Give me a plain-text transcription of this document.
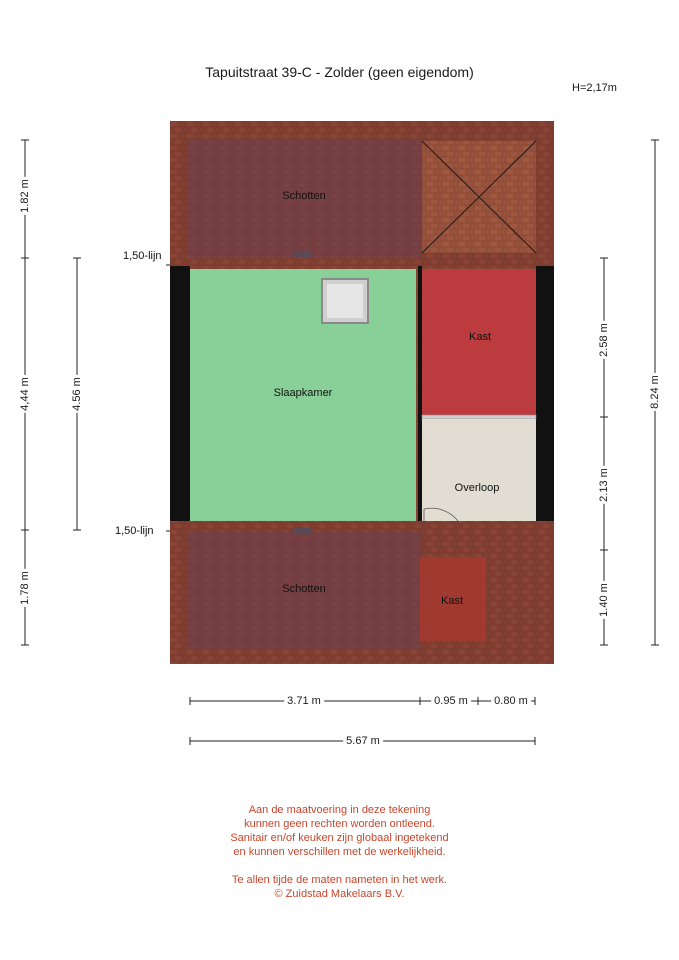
Tapuitstraat 39-C - Zolder (geen eigendom)
H=2,17m
Schotten
Slaapkamer
Kast
Overloop
Schotten
Kast
1,50-lijn
1,50-lijn
1.82 m
4,44 m
1.78 m
4.56 m
2.58 m
2.13 m
1.40 m
8.24 m
3.71 m	0.95 m 0.80 m
5.67 m
Aan de maatvoering in deze tekening
kunnen geen rechten worden ontleend.
Sanitair en/of keuken zijn globaal ingetekend
en kunnen verschillen met de werkelijkheid.
Te allen tijde de maten nameten in het werk.
© Zuidstad Makelaars B.V.
